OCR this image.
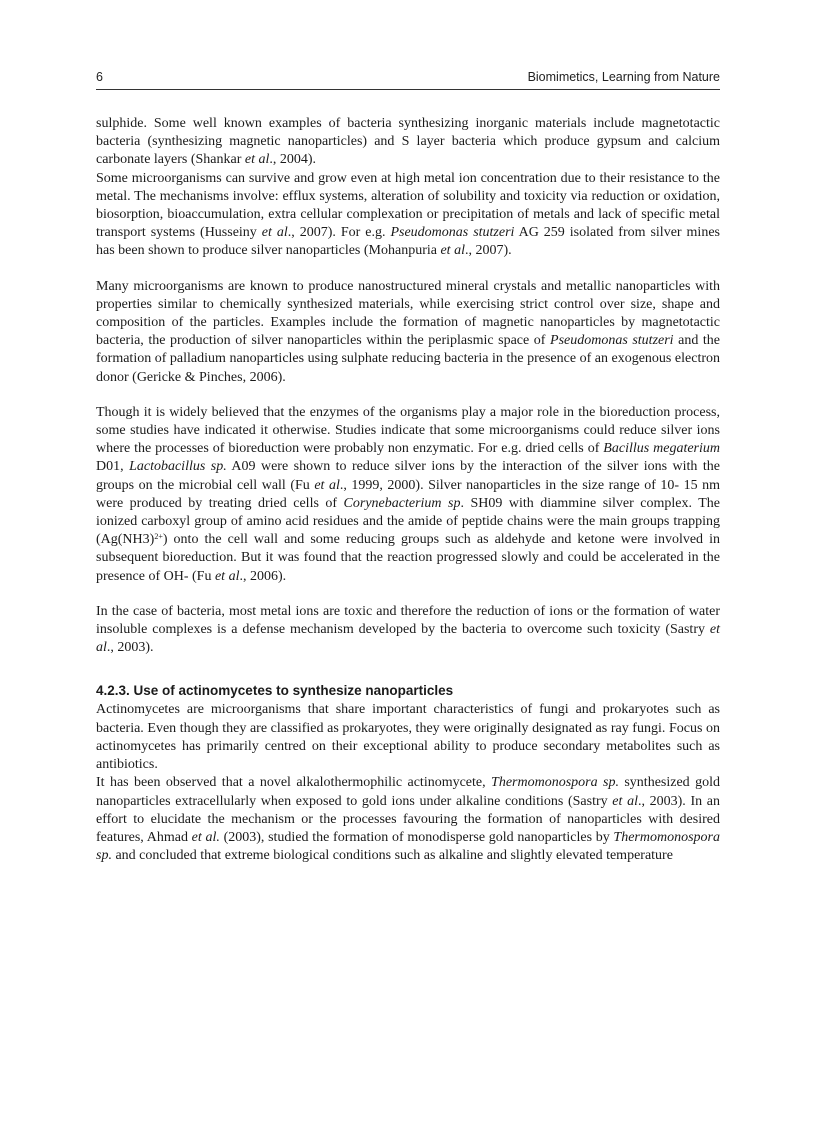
6	Biomimetics, Learning from Nature

sulphide. Some well known examples of bacteria synthesizing inorganic materials include magnetotactic bacteria (synthesizing magnetic nanoparticles) and S layer bacteria which produce gypsum and calcium carbonate layers (Shankar et al., 2004).

Some microorganisms can survive and grow even at high metal ion concentration due to their resistance to the metal. The mechanisms involve: efflux systems, alteration of solubility and toxicity via reduction or oxidation, biosorption, bioaccumulation, extra cellular complexation or precipitation of metals and lack of specific metal transport systems (Husseiny et al., 2007). For e.g. Pseudomonas stutzeri AG 259 isolated from silver mines has been shown to produce silver nanoparticles (Mohanpuria et al., 2007).

Many microorganisms are known to produce nanostructured mineral crystals and metallic nanoparticles with properties similar to chemically synthesized materials, while exercising strict control over size, shape and composition of the particles. Examples include the formation of magnetic nanoparticles by magnetotactic bacteria, the production of silver nanoparticles within the periplasmic space of Pseudomonas stutzeri and the formation of palladium nanoparticles using sulphate reducing bacteria in the presence of an exogenous electron donor (Gericke & Pinches, 2006).

Though it is widely believed that the enzymes of the organisms play a major role in the bioreduction process, some studies have indicated it otherwise. Studies indicate that some microorganisms could reduce silver ions where the processes of bioreduction were probably non enzymatic. For e.g. dried cells of Bacillus megaterium D01, Lactobacillus sp. A09 were shown to reduce silver ions by the interaction of the silver ions with the groups on the microbial cell wall (Fu et al., 1999, 2000). Silver nanoparticles in the size range of 10- 15 nm were produced by treating dried cells of Corynebacterium sp. SH09 with diammine silver complex. The ionized carboxyl group of amino acid residues and the amide of peptide chains were the main groups trapping $(Ag(NH3)^{2+})$ onto the cell wall and some reducing groups such as aldehyde and ketone were involved in subsequent bioreduction. But it was found that the reaction progressed slowly and could be accelerated in the presence of OH- (Fu et al., 2006).

In the case of bacteria, most metal ions are toxic and therefore the reduction of ions or the formation of water insoluble complexes is a defense mechanism developed by the bacteria to overcome such toxicity (Sastry et al., 2003).

4.2.3. Use of actinomycetes to synthesize nanoparticles

Actinomycetes are microorganisms that share important characteristics of fungi and prokaryotes such as bacteria. Even though they are classified as prokaryotes, they were originally designated as ray fungi. Focus on actinomycetes has primarily centred on their exceptional ability to produce secondary metabolites such as antibiotics.

It has been observed that a novel alkalothermophilic actinomycete, Thermomonospora sp. synthesized gold nanoparticles extracellularly when exposed to gold ions under alkaline conditions (Sastry et al., 2003). In an effort to elucidate the mechanism or the processes favouring the formation of nanoparticles with desired features, Ahmad et al. (2003), studied the formation of monodisperse gold nanoparticles by Thermomonospora sp. and concluded that extreme biological conditions such as alkaline and slightly elevated temperature
